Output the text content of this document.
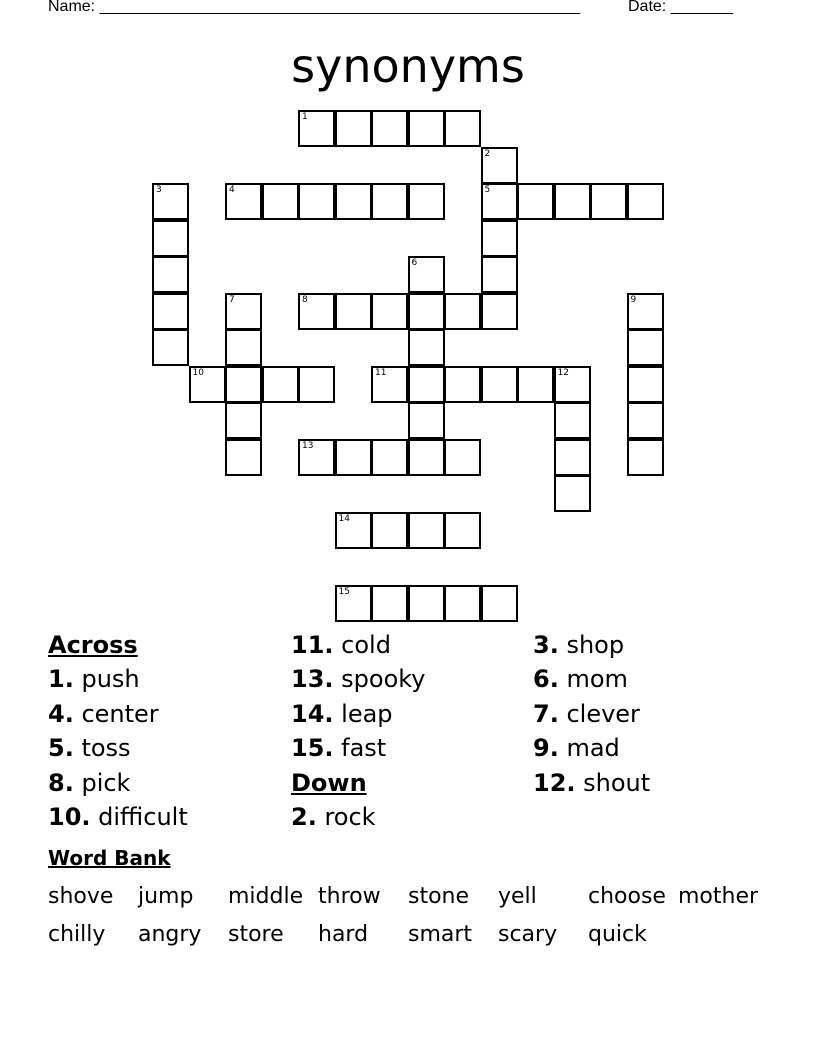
Name: ______________________________________________________	Date: _______
synonyms
1
2
3	4	5
6
7	8	9
10	11	12
13
14
15
Across
1. push
4. center
5. toss
8. pick
10. difficult
11. cold
13. spooky
14. leap
15. fast
Down
2. rock
3. shop
6. mom
7. clever
9. mad
12. shout
Word Bank
shove jump middle throw stone yell choose mother
chilly angry store hard smart scary quick
